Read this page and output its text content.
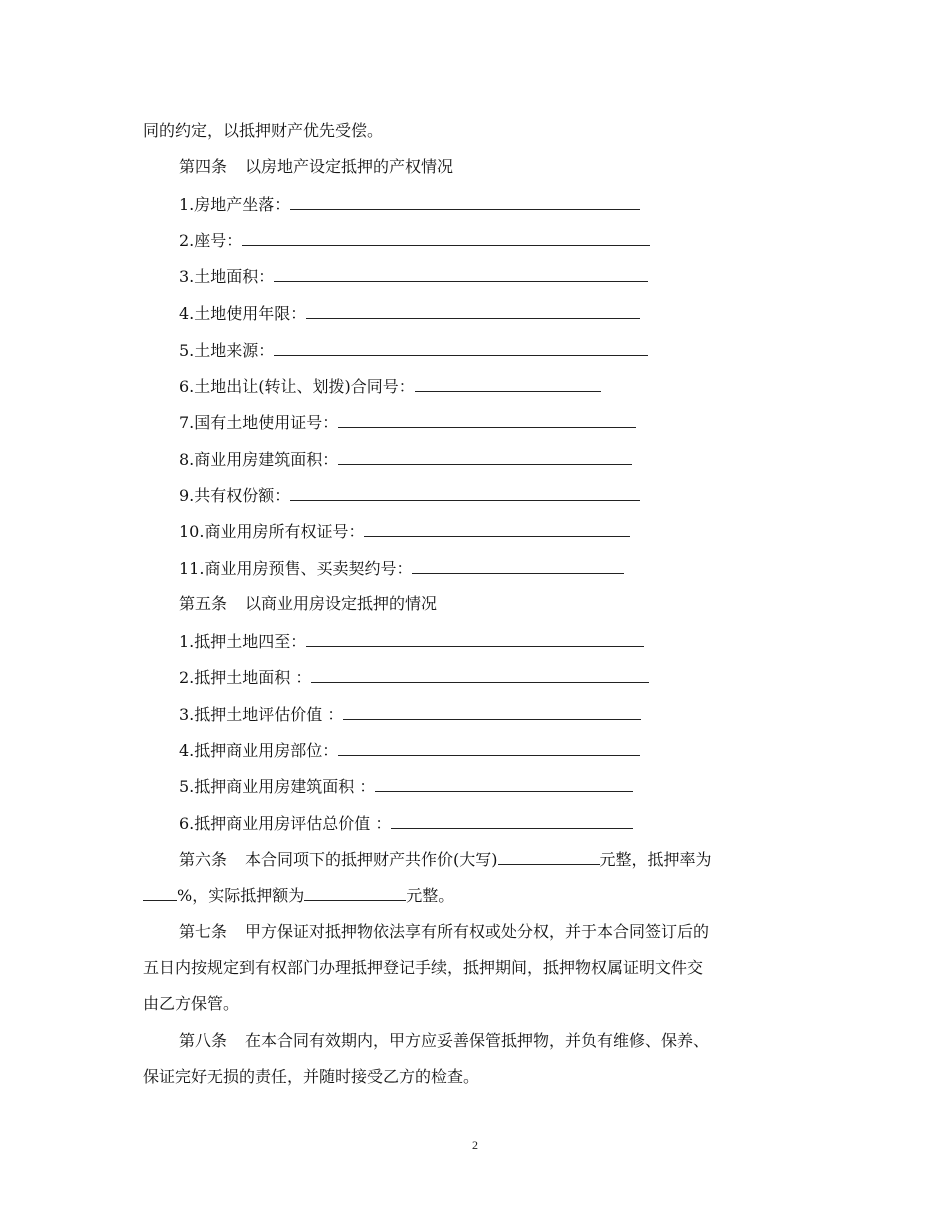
同的约定，以抵押财产优先受偿。
第四条 以房地产设定抵押的产权情况
1.房地产坐落：
2.座号：
3.土地面积：
4.土地使用年限：
5.土地来源：
6.土地出让(转让、划拨)合同号：
7.国有土地使用证号：
8.商业用房建筑面积：
9.共有权份额：
10.商业用房所有权证号：
11.商业用房预售、买卖契约号：
第五条 以商业用房设定抵押的情况
1.抵押土地四至：
2.抵押土地面积 ：
3.抵押土地评估价值 ：
4.抵押商业用房部位：
5.抵押商业用房建筑面积 ：
6.抵押商业用房评估总价值 ：
第六条 本合同项下的抵押财产共作价(大写)	元整，抵押率为
%，实际抵押额为	元整。
第七条 甲方保证对抵押物依法享有所有权或处分权，并于本合同签订后的
五日内按规定到有权部门办理抵押登记手续，抵押期间，抵押物权属证明文件交
由乙方保管。
第八条 在本合同有效期内，甲方应妥善保管抵押物，并负有维修、保养、
保证完好无损的责任，并随时接受乙方的检查。
2
